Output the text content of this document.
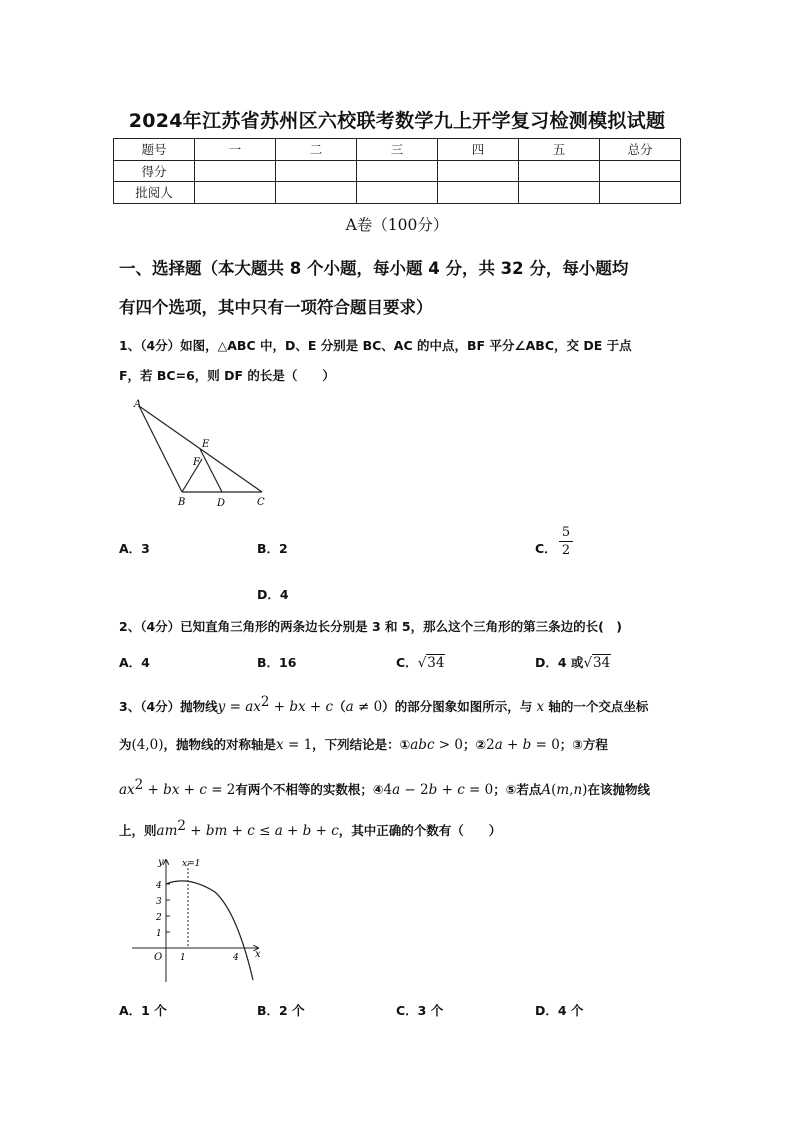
2024年江苏省苏州区六校联考数学九上开学复习检测模拟试题
题号	一	二	三	四	五	总分
得分						
批阅人						
A卷（100分）
一、选择题（本大题共 8 个小题，每小题 4 分，共 32 分，每小题均
有四个选项，其中只有一项符合题目要求）
1、（4分）如图，△ABC 中，D、E 分别是 BC、AC 的中点，BF 平分∠ABC，交 DE 于点
F，若 BC=6，则 DF 的长是（　　）
A
E
F
B	D	C
A．3	B．2	C．
5
2
D．4
2、（4分）已知直角三角形的两条边长分别是 3 和 5，那么这个三角形的第三条边的长(　)
A．4	B．16	C．√34	D．4 或√34
3、（4分）抛物线$y = ax^2$ + bx + c（a ≠ 0）的部分图象如图所示，与 x 轴的一个交点坐标
为(4,0)，抛物线的对称轴是x = 1，下列结论是：①abc > 0；②2a + b = 0；③方程
$ax^2$ + bx + c = 2有两个不相等的实数根；④4a − 2b + c = 0；⑤若点A(m,n)在该抛物线
上，则$am^2$ + bm + c ≤ a + b + c，其中正确的个数有（　　）
y
x
x=1
O
4
3
2
1
1	4
A．1 个	B．2 个	C．3 个	D．4 个
